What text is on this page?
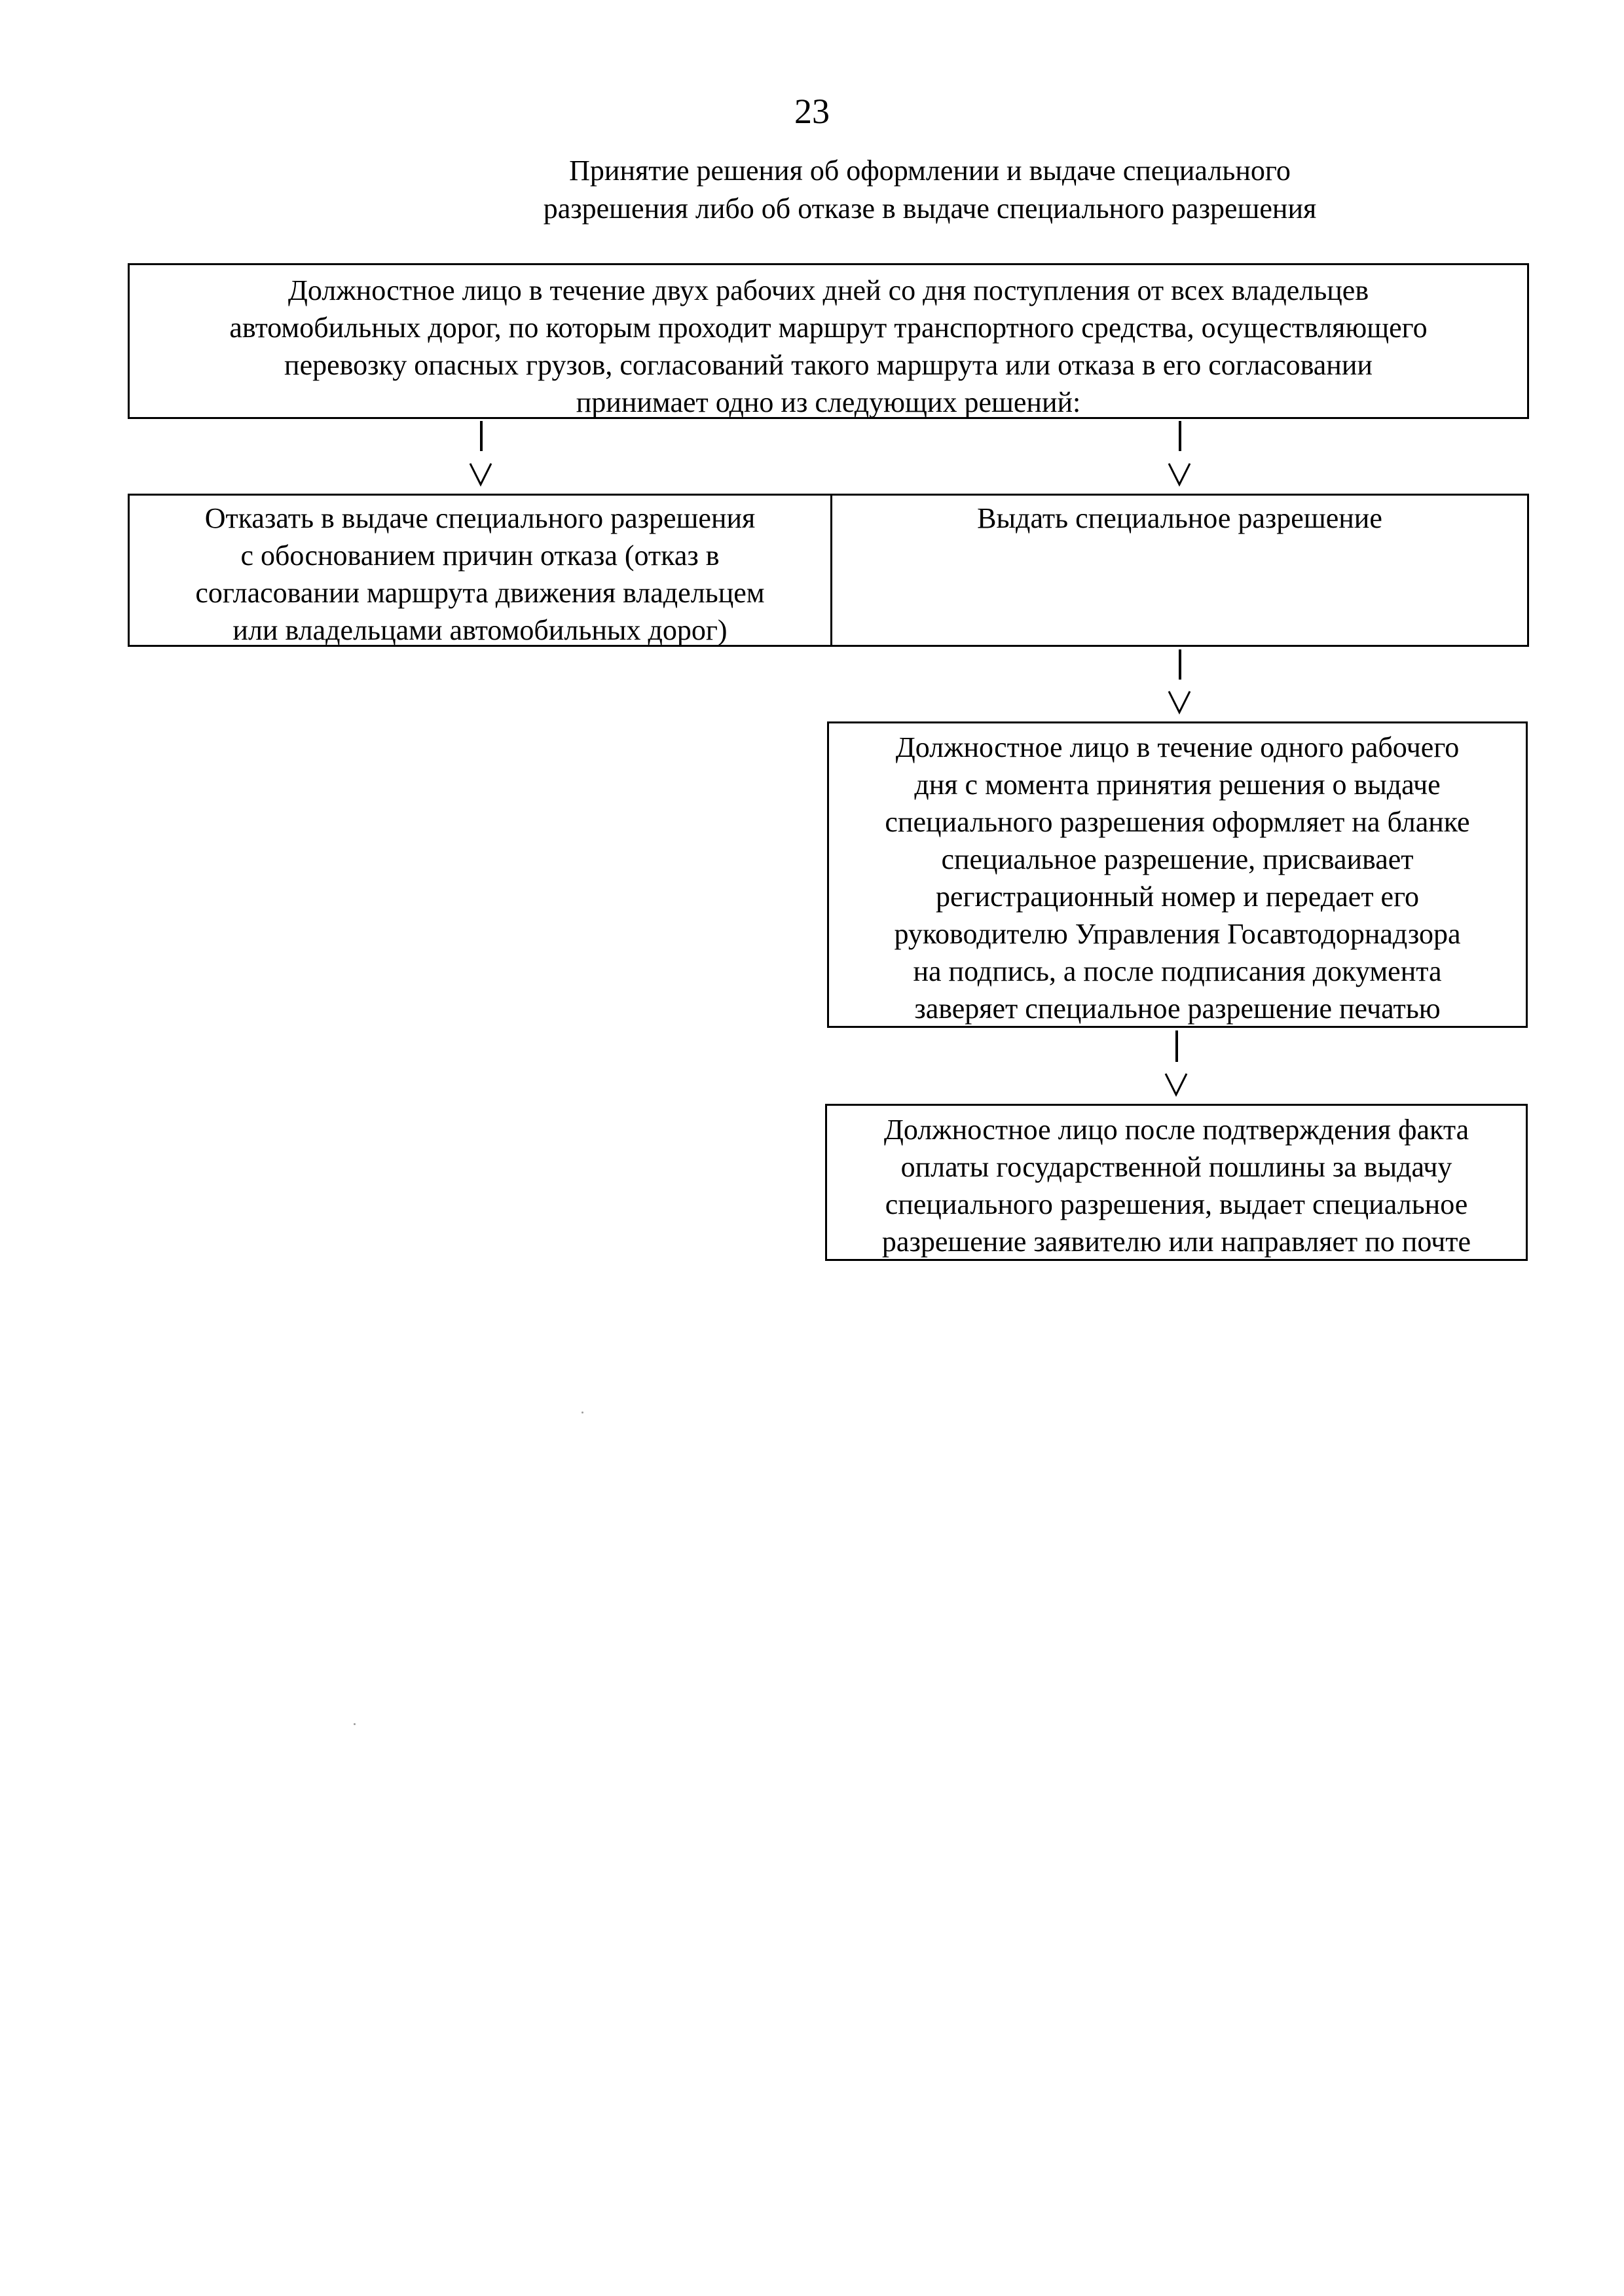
23
Принятие решения об оформлении и выдаче специального
разрешения либо об отказе в выдаче специального разрешения
Должностное лицо в течение двух рабочих дней со дня поступления от всех владельцев
автомобильных дорог, по которым проходит маршрут транспортного средства, осуществляющего
перевозку опасных грузов, согласований такого маршрута или отказа в его согласовании
принимает одно из следующих решений:
Отказать в выдаче специального разрешения
с обоснованием причин отказа (отказ в
согласовании маршрута движения владельцем
или владельцами автомобильных дорог)
Выдать специальное разрешение
Должностное лицо в течение одного рабочего
дня с момента принятия решения о выдаче
специального разрешения оформляет на бланке
специальное разрешение, присваивает
регистрационный номер и передает его
руководителю Управления Госавтодорнадзора
на подпись, а после подписания документа
заверяет специальное разрешение печатью
Должностное лицо после подтверждения факта
оплаты государственной пошлины за выдачу
специального разрешения, выдает специальное
разрешение заявителю или направляет по почте
